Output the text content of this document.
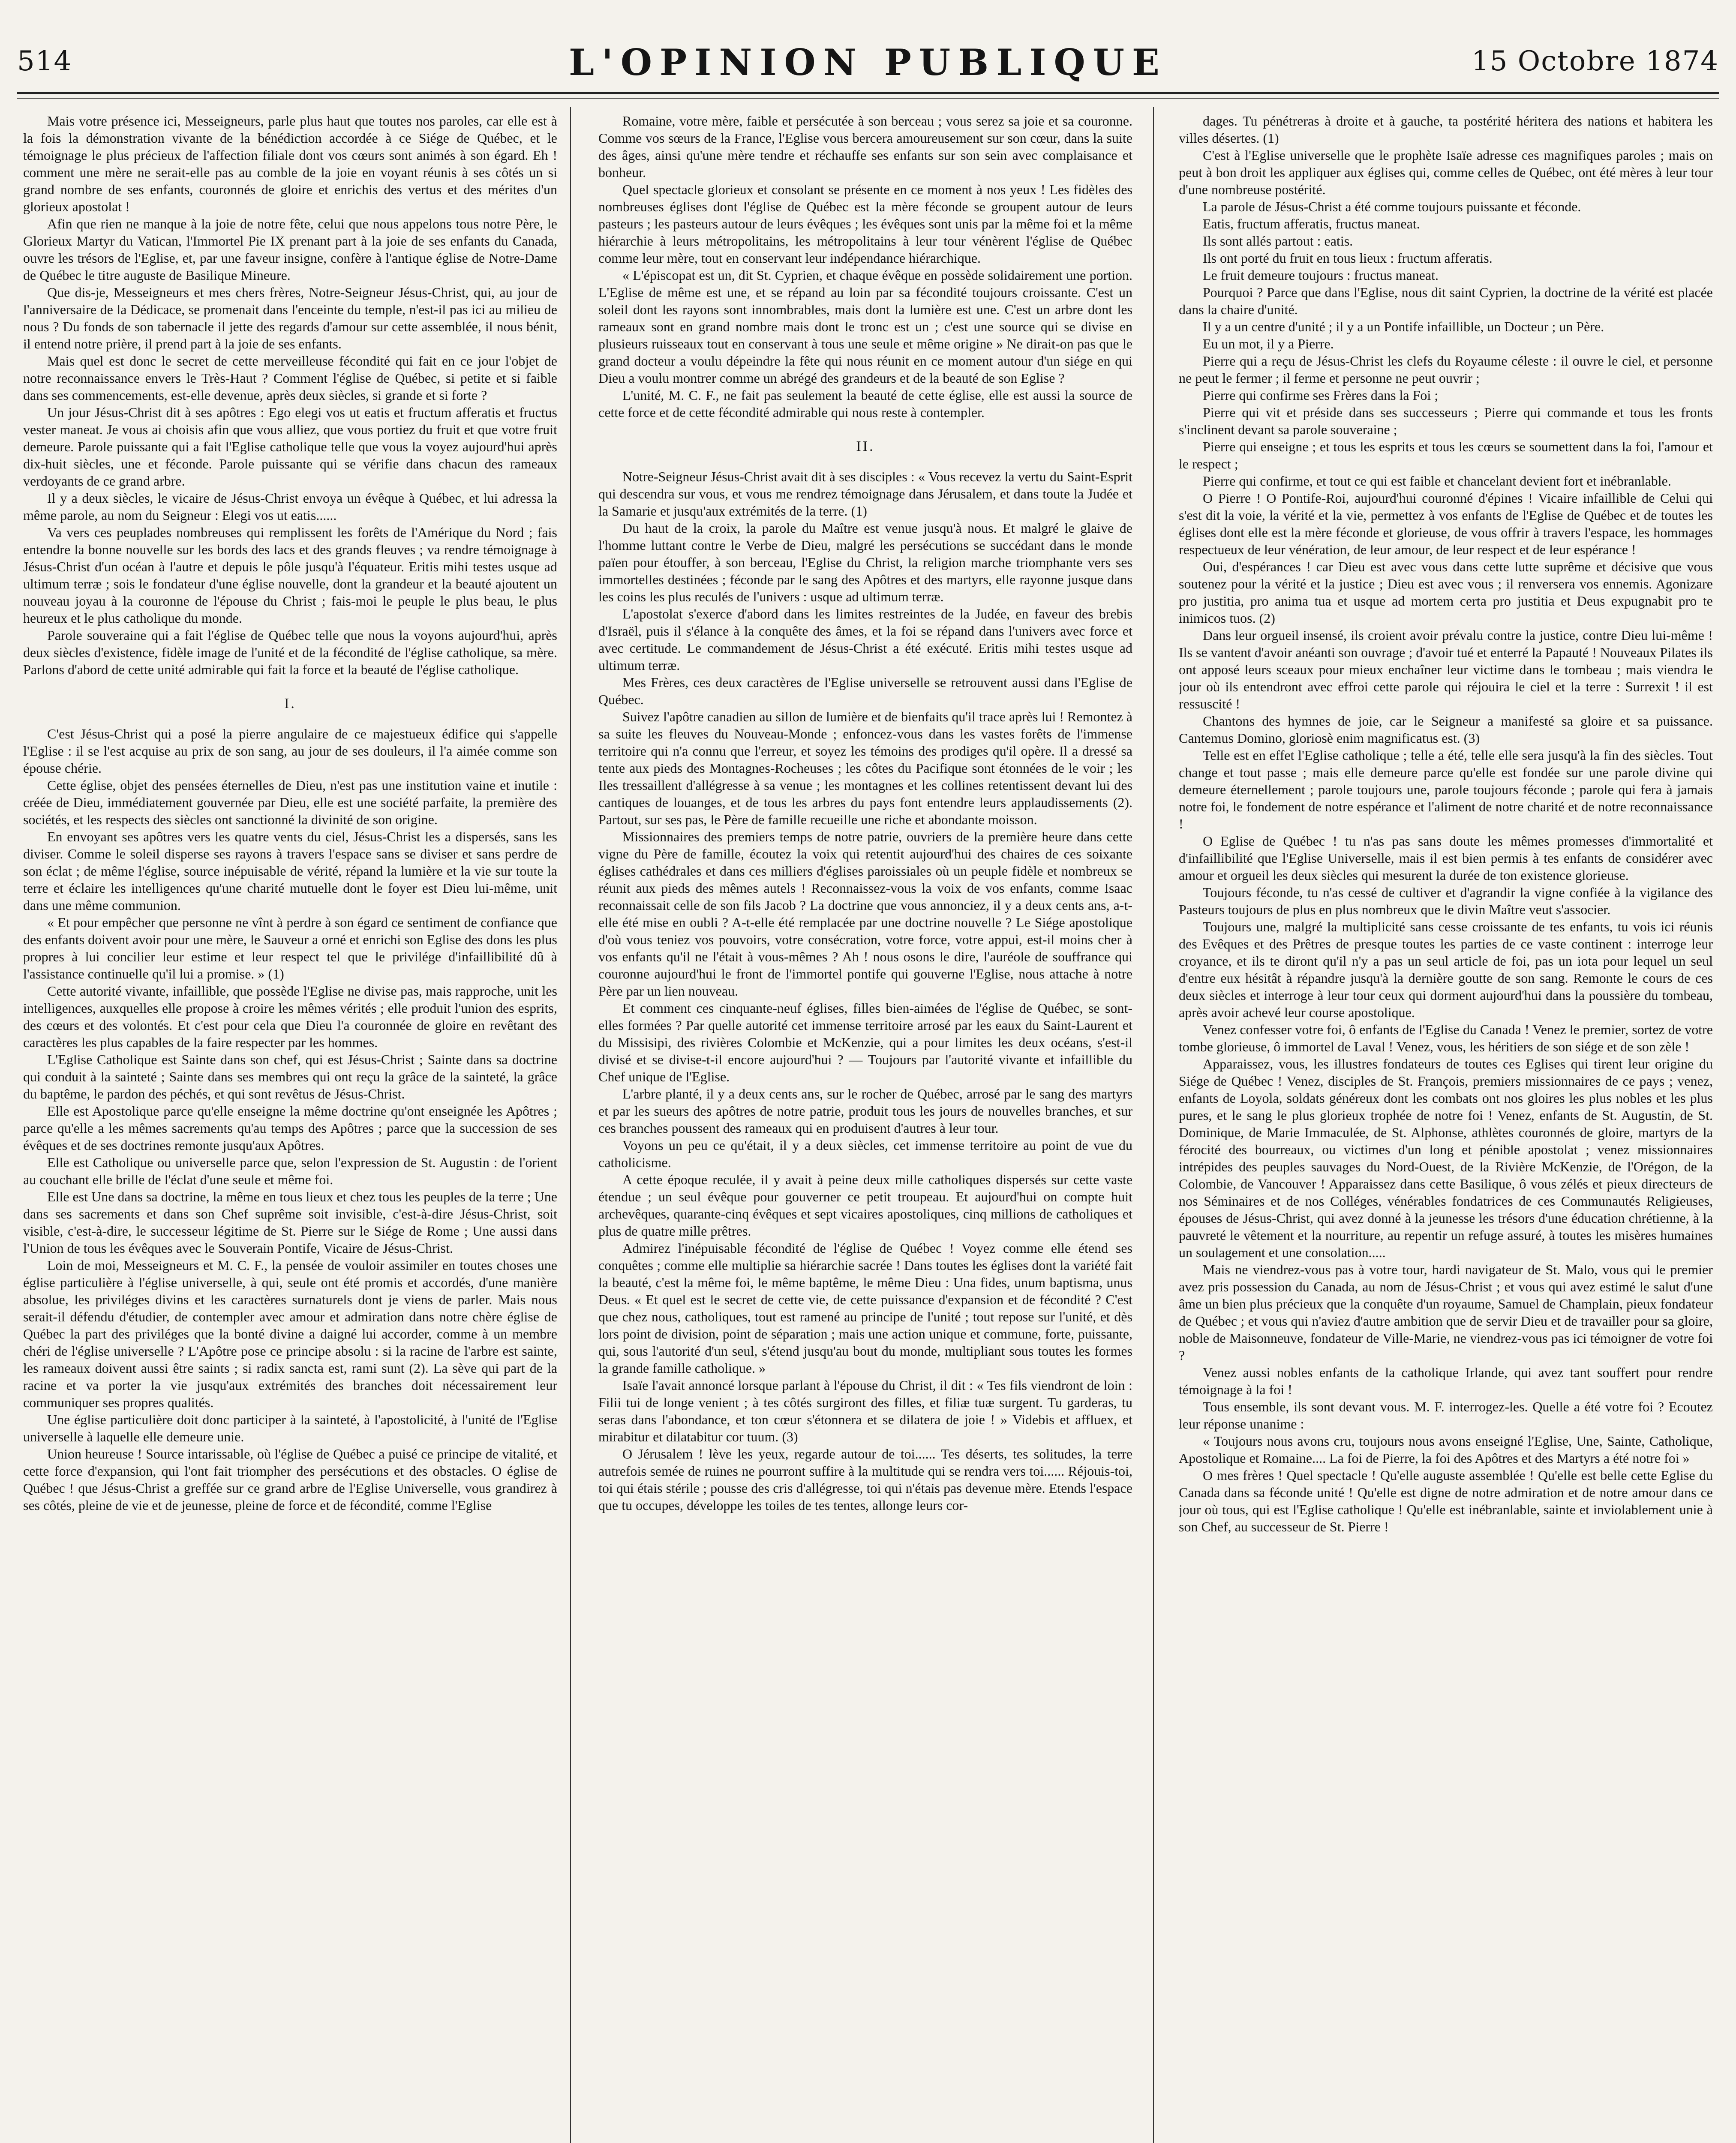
514	L'OPINION PUBLIQUE	15 Octobre 1874

Mais votre présence ici, Messeigneurs, parle plus haut que toutes nos paroles, car elle est à la fois la démonstration vivante de la bénédiction accordée à ce Siége de Québec, et le témoignage le plus précieux de l'affection filiale dont vos cœurs sont animés à son égard. Eh ! comment une mère ne serait-elle pas au comble de la joie en voyant réunis à ses côtés un si grand nombre de ses enfants, couronnés de gloire et enrichis des vertus et des mérites d'un glorieux apostolat !

Afin que rien ne manque à la joie de notre fête, celui que nous appelons tous notre Père, le Glorieux Martyr du Vatican, l'Immortel Pie IX prenant part à la joie de ses enfants du Canada, ouvre les trésors de l'Eglise, et, par une faveur insigne, confère à l'antique église de Notre-Dame de Québec le titre auguste de Basilique Mineure.

Que dis-je, Messeigneurs et mes chers frères, Notre-Seigneur Jésus-Christ, qui, au jour de l'anniversaire de la Dédicace, se promenait dans l'enceinte du temple, n'est-il pas ici au milieu de nous ? Du fonds de son tabernacle il jette des regards d'amour sur cette assemblée, il nous bénit, il entend notre prière, il prend part à la joie de ses enfants.

Mais quel est donc le secret de cette merveilleuse fécondité qui fait en ce jour l'objet de notre reconnaissance envers le Très-Haut ? Comment l'église de Québec, si petite et si faible dans ses commencements, est-elle devenue, après deux siècles, si grande et si forte ?

Un jour Jésus-Christ dit à ses apôtres : Ego elegi vos ut eatis et fructum afferatis et fructus vester maneat. Je vous ai choisis afin que vous alliez, que vous portiez du fruit et que votre fruit demeure. Parole puissante qui a fait l'Eglise catholique telle que vous la voyez aujourd'hui après dix-huit siècles, une et féconde. Parole puissante qui se vérifie dans chacun des rameaux verdoyants de ce grand arbre.

Il y a deux siècles, le vicaire de Jésus-Christ envoya un évêque à Québec, et lui adressa la même parole, au nom du Seigneur : Elegi vos ut eatis......

Va vers ces peuplades nombreuses qui remplissent les forêts de l'Amérique du Nord ; fais entendre la bonne nouvelle sur les bords des lacs et des grands fleuves ; va rendre témoignage à Jésus-Christ d'un océan à l'autre et depuis le pôle jusqu'à l'équateur. Eritis mihi testes usque ad ultimum terræ ; sois le fondateur d'une église nouvelle, dont la grandeur et la beauté ajoutent un nouveau joyau à la couronne de l'épouse du Christ ; fais-moi le peuple le plus beau, le plus heureux et le plus catholique du monde.

Parole souveraine qui a fait l'église de Québec telle que nous la voyons aujourd'hui, après deux siècles d'existence, fidèle image de l'unité et de la fécondité de l'église catholique, sa mère. Parlons d'abord de cette unité admirable qui fait la force et la beauté de l'église catholique.

I.

C'est Jésus-Christ qui a posé la pierre angulaire de ce majestueux édifice qui s'appelle l'Eglise : il se l'est acquise au prix de son sang, au jour de ses douleurs, il l'a aimée comme son épouse chérie.

Cette église, objet des pensées éternelles de Dieu, n'est pas une institution vaine et inutile : créée de Dieu, immédiatement gouvernée par Dieu, elle est une société parfaite, la première des sociétés, et les respects des siècles ont sanctionné la divinité de son origine.

En envoyant ses apôtres vers les quatre vents du ciel, Jésus-Christ les a dispersés, sans les diviser. Comme le soleil disperse ses rayons à travers l'espace sans se diviser et sans perdre de son éclat ; de même l'église, source inépuisable de vérité, répand la lumière et la vie sur toute la terre et éclaire les intelligences qu'une charité mutuelle dont le foyer est Dieu lui-même, unit dans une même communion.

« Et pour empêcher que personne ne vînt à perdre à son égard ce sentiment de confiance que des enfants doivent avoir pour une mère, le Sauveur a orné et enrichi son Eglise des dons les plus propres à lui concilier leur estime et leur respect tel que le privilége d'infaillibilité dû à l'assistance continuelle qu'il lui a promise. » (1)

Cette autorité vivante, infaillible, que possède l'Eglise ne divise pas, mais rapproche, unit les intelligences, auxquelles elle propose à croire les mêmes vérités ; elle produit l'union des esprits, des cœurs et des volontés. Et c'est pour cela que Dieu l'a couronnée de gloire en revêtant des caractères les plus capables de la faire respecter par les hommes.

L'Eglise Catholique est Sainte dans son chef, qui est Jésus-Christ ; Sainte dans sa doctrine qui conduit à la sainteté ; Sainte dans ses membres qui ont reçu la grâce de la sainteté, la grâce du baptême, le pardon des péchés, et qui sont revêtus de Jésus-Christ.

Elle est Apostolique parce qu'elle enseigne la même doctrine qu'ont enseignée les Apôtres ; parce qu'elle a les mêmes sacrements qu'au temps des Apôtres ; parce que la succession de ses évêques et de ses doctrines remonte jusqu'aux Apôtres.

Elle est Catholique ou universelle parce que, selon l'expression de St. Augustin : de l'orient au couchant elle brille de l'éclat d'une seule et même foi.

Elle est Une dans sa doctrine, la même en tous lieux et chez tous les peuples de la terre ; Une dans ses sacrements et dans son Chef suprême soit invisible, c'est-à-dire Jésus-Christ, soit visible, c'est-à-dire, le successeur légitime de St. Pierre sur le Siége de Rome ; Une aussi dans l'Union de tous les évêques avec le Souverain Pontife, Vicaire de Jésus-Christ.

Loin de moi, Messeigneurs et M. C. F., la pensée de vouloir assimiler en toutes choses une église particulière à l'église universelle, à qui, seule ont été promis et accordés, d'une manière absolue, les priviléges divins et les caractères surnaturels dont je viens de parler. Mais nous serait-il défendu d'étudier, de contempler avec amour et admiration dans notre chère église de Québec la part des priviléges que la bonté divine a daigné lui accorder, comme à un membre chéri de l'église universelle ? L'Apôtre pose ce principe absolu : si la racine de l'arbre est sainte, les rameaux doivent aussi être saints ; si radix sancta est, rami sunt (2). La sève qui part de la racine et va porter la vie jusqu'aux extrémités des branches doit nécessairement leur communiquer ses propres qualités.

Une église particulière doit donc participer à la sainteté, à l'apostolicité, à l'unité de l'Eglise universelle à laquelle elle demeure unie.

Union heureuse ! Source intarissable, où l'église de Québec a puisé ce principe de vitalité, et cette force d'expansion, qui l'ont fait triompher des persécutions et des obstacles. O église de Québec ! que Jésus-Christ a greffée sur ce grand arbre de l'Eglise Universelle, vous grandirez à ses côtés, pleine de vie et de jeunesse, pleine de force et de fécondité, comme l'Eglise

Romaine, votre mère, faible et persécutée à son berceau ; vous serez sa joie et sa couronne. Comme vos sœurs de la France, l'Eglise vous bercera amoureusement sur son cœur, dans la suite des âges, ainsi qu'une mère tendre et réchauffe ses enfants sur son sein avec complaisance et bonheur.

Quel spectacle glorieux et consolant se présente en ce moment à nos yeux ! Les fidèles des nombreuses églises dont l'église de Québec est la mère féconde se groupent autour de leurs pasteurs ; les pasteurs autour de leurs évêques ; les évêques sont unis par la même foi et la même hiérarchie à leurs métropolitains, les métropolitains à leur tour vénèrent l'église de Québec comme leur mère, tout en conservant leur indépendance hiérarchique.

« L'épiscopat est un, dit St. Cyprien, et chaque évêque en possède solidairement une portion. L'Eglise de même est une, et se répand au loin par sa fécondité toujours croissante. C'est un soleil dont les rayons sont innombrables, mais dont la lumière est une. C'est un arbre dont les rameaux sont en grand nombre mais dont le tronc est un ; c'est une source qui se divise en plusieurs ruisseaux tout en conservant à tous une seule et même origine » Ne dirait-on pas que le grand docteur a voulu dépeindre la fête qui nous réunit en ce moment autour d'un siége en qui Dieu a voulu montrer comme un abrégé des grandeurs et de la beauté de son Eglise ?

L'unité, M. C. F., ne fait pas seulement la beauté de cette église, elle est aussi la source de cette force et de cette fécondité admirable qui nous reste à contempler.

II.

Notre-Seigneur Jésus-Christ avait dit à ses disciples : « Vous recevez la vertu du Saint-Esprit qui descendra sur vous, et vous me rendrez témoignage dans Jérusalem, et dans toute la Judée et la Samarie et jusqu'aux extrémités de la terre. (1)

Du haut de la croix, la parole du Maître est venue jusqu'à nous. Et malgré le glaive de l'homme luttant contre le Verbe de Dieu, malgré les persécutions se succédant dans le monde païen pour étouffer, à son berceau, l'Eglise du Christ, la religion marche triomphante vers ses immortelles destinées ; féconde par le sang des Apôtres et des martyrs, elle rayonne jusque dans les coins les plus reculés de l'univers : usque ad ultimum terræ.

L'apostolat s'exerce d'abord dans les limites restreintes de la Judée, en faveur des brebis d'Israël, puis il s'élance à la conquête des âmes, et la foi se répand dans l'univers avec force et avec certitude. Le commandement de Jésus-Christ a été exécuté. Eritis mihi testes usque ad ultimum terræ.

Mes Frères, ces deux caractères de l'Eglise universelle se retrouvent aussi dans l'Eglise de Québec.

Suivez l'apôtre canadien au sillon de lumière et de bienfaits qu'il trace après lui ! Remontez à sa suite les fleuves du Nouveau-Monde ; enfoncez-vous dans les vastes forêts de l'immense territoire qui n'a connu que l'erreur, et soyez les témoins des prodiges qu'il opère. Il a dressé sa tente aux pieds des Montagnes-Rocheuses ; les côtes du Pacifique sont étonnées de le voir ; les Iles tressaillent d'allégresse à sa venue ; les montagnes et les collines retentissent devant lui des cantiques de louanges, et de tous les arbres du pays font entendre leurs applaudissements (2). Partout, sur ses pas, le Père de famille recueille une riche et abondante moisson.

Missionnaires des premiers temps de notre patrie, ouvriers de la première heure dans cette vigne du Père de famille, écoutez la voix qui retentit aujourd'hui des chaires de ces soixante églises cathédrales et dans ces milliers d'églises paroissiales où un peuple fidèle et nombreux se réunit aux pieds des mêmes autels ! Reconnaissez-vous la voix de vos enfants, comme Isaac reconnaissait celle de son fils Jacob ? La doctrine que vous annonciez, il y a deux cents ans, a-t-elle été mise en oubli ? A-t-elle été remplacée par une doctrine nouvelle ? Le Siége apostolique d'où vous teniez vos pouvoirs, votre consécration, votre force, votre appui, est-il moins cher à vos enfants qu'il ne l'était à vous-mêmes ? Ah ! nous osons le dire, l'auréole de souffrance qui couronne aujourd'hui le front de l'immortel pontife qui gouverne l'Eglise, nous attache à notre Père par un lien nouveau.

Et comment ces cinquante-neuf églises, filles bien-aimées de l'église de Québec, se sont-elles formées ? Par quelle autorité cet immense territoire arrosé par les eaux du Saint-Laurent et du Missisipi, des rivières Colombie et McKenzie, qui a pour limites les deux océans, s'est-il divisé et se divise-t-il encore aujourd'hui ? — Toujours par l'autorité vivante et infaillible du Chef unique de l'Eglise.

L'arbre planté, il y a deux cents ans, sur le rocher de Québec, arrosé par le sang des martyrs et par les sueurs des apôtres de notre patrie, produit tous les jours de nouvelles branches, et sur ces branches poussent des rameaux qui en produisent d'autres à leur tour.

Voyons un peu ce qu'était, il y a deux siècles, cet immense territoire au point de vue du catholicisme.

A cette époque reculée, il y avait à peine deux mille catholiques dispersés sur cette vaste étendue ; un seul évêque pour gouverner ce petit troupeau. Et aujourd'hui on compte huit archevêques, quarante-cinq évêques et sept vicaires apostoliques, cinq millions de catholiques et plus de quatre mille prêtres.

Admirez l'inépuisable fécondité de l'église de Québec ! Voyez comme elle étend ses conquêtes ; comme elle multiplie sa hiérarchie sacrée ! Dans toutes les églises dont la variété fait la beauté, c'est la même foi, le même baptême, le même Dieu : Una fides, unum baptisma, unus Deus. « Et quel est le secret de cette vie, de cette puissance d'expansion et de fécondité ? C'est que chez nous, catholiques, tout est ramené au principe de l'unité ; tout repose sur l'unité, et dès lors point de division, point de séparation ; mais une action unique et commune, forte, puissante, qui, sous l'autorité d'un seul, s'étend jusqu'au bout du monde, multipliant sous toutes les formes la grande famille catholique. »

Isaïe l'avait annoncé lorsque parlant à l'épouse du Christ, il dit : « Tes fils viendront de loin : Filii tui de longe venient ; à tes côtés surgiront des filles, et filiæ tuæ surgent. Tu garderas, tu seras dans l'abondance, et ton cœur s'étonnera et se dilatera de joie ! » Videbis et affluex, et mirabitur et dilatabitur cor tuum. (3)

O Jérusalem ! lève les yeux, regarde autour de toi...... Tes déserts, tes solitudes, la terre autrefois semée de ruines ne pourront suffire à la multitude qui se rendra vers toi...... Réjouis-toi, toi qui étais stérile ; pousse des cris d'allégresse, toi qui n'étais pas devenue mère. Etends l'espace que tu occupes, développe les toiles de tes tentes, allonge leurs cor-

dages. Tu pénétreras à droite et à gauche, ta postérité héritera des nations et habitera les villes désertes. (1)

C'est à l'Eglise universelle que le prophète Isaïe adresse ces magnifiques paroles ; mais on peut à bon droit les appliquer aux églises qui, comme celles de Québec, ont été mères à leur tour d'une nombreuse postérité.

La parole de Jésus-Christ a été comme toujours puissante et féconde.

Eatis, fructum afferatis, fructus maneat.

Ils sont allés partout : eatis.

Ils ont porté du fruit en tous lieux : fructum afferatis.

Le fruit demeure toujours : fructus maneat.

Pourquoi ? Parce que dans l'Eglise, nous dit saint Cyprien, la doctrine de la vérité est placée dans la chaire d'unité.

Il y a un centre d'unité ; il y a un Pontife infaillible, un Docteur ; un Père.

Eu un mot, il y a Pierre.

Pierre qui a reçu de Jésus-Christ les clefs du Royaume céleste : il ouvre le ciel, et personne ne peut le fermer ; il ferme et personne ne peut ouvrir ;

Pierre qui confirme ses Frères dans la Foi ;

Pierre qui vit et préside dans ses successeurs ; Pierre qui commande et tous les fronts s'inclinent devant sa parole souveraine ;

Pierre qui enseigne ; et tous les esprits et tous les cœurs se soumettent dans la foi, l'amour et le respect ;

Pierre qui confirme, et tout ce qui est faible et chancelant devient fort et inébranlable.

O Pierre ! O Pontife-Roi, aujourd'hui couronné d'épines ! Vicaire infaillible de Celui qui s'est dit la voie, la vérité et la vie, permettez à vos enfants de l'Eglise de Québec et de toutes les églises dont elle est la mère féconde et glorieuse, de vous offrir à travers l'espace, les hommages respectueux de leur vénération, de leur amour, de leur respect et de leur espérance !

Oui, d'espérances ! car Dieu est avec vous dans cette lutte suprême et décisive que vous soutenez pour la vérité et la justice ; Dieu est avec vous ; il renversera vos ennemis. Agonizare pro justitia, pro anima tua et usque ad mortem certa pro justitia et Deus expugnabit pro te inimicos tuos. (2)

Dans leur orgueil insensé, ils croient avoir prévalu contre la justice, contre Dieu lui-même ! Ils se vantent d'avoir anéanti son ouvrage ; d'avoir tué et enterré la Papauté ! Nouveaux Pilates ils ont apposé leurs sceaux pour mieux enchaîner leur victime dans le tombeau ; mais viendra le jour où ils entendront avec effroi cette parole qui réjouira le ciel et la terre : Surrexit ! il est ressuscité !

Chantons des hymnes de joie, car le Seigneur a manifesté sa gloire et sa puissance. Cantemus Domino, gloriosè enim magnificatus est. (3)

Telle est en effet l'Eglise catholique ; telle a été, telle elle sera jusqu'à la fin des siècles. Tout change et tout passe ; mais elle demeure parce qu'elle est fondée sur une parole divine qui demeure éternellement ; parole toujours une, parole toujours féconde ; parole qui fera à jamais notre foi, le fondement de notre espérance et l'aliment de notre charité et de notre reconnaissance !

O Eglise de Québec ! tu n'as pas sans doute les mêmes promesses d'immortalité et d'infaillibilité que l'Eglise Universelle, mais il est bien permis à tes enfants de considérer avec amour et orgueil les deux siècles qui mesurent la durée de ton existence glorieuse.

Toujours féconde, tu n'as cessé de cultiver et d'agrandir la vigne confiée à la vigilance des Pasteurs toujours de plus en plus nombreux que le divin Maître veut s'associer.

Toujours une, malgré la multiplicité sans cesse croissante de tes enfants, tu vois ici réunis des Evêques et des Prêtres de presque toutes les parties de ce vaste continent : interroge leur croyance, et ils te diront qu'il n'y a pas un seul article de foi, pas un iota pour lequel un seul d'entre eux hésitât à répandre jusqu'à la dernière goutte de son sang. Remonte le cours de ces deux siècles et interroge à leur tour ceux qui dorment aujourd'hui dans la poussière du tombeau, après avoir achevé leur course apostolique.

Venez confesser votre foi, ô enfants de l'Eglise du Canada ! Venez le premier, sortez de votre tombe glorieuse, ô immortel de Laval ! Venez, vous, les héritiers de son siége et de son zèle !

Apparaissez, vous, les illustres fondateurs de toutes ces Eglises qui tirent leur origine du Siége de Québec ! Venez, disciples de St. François, premiers missionnaires de ce pays ; venez, enfants de Loyola, soldats généreux dont les combats ont nos gloires les plus nobles et les plus pures, et le sang le plus glorieux trophée de notre foi ! Venez, enfants de St. Augustin, de St. Dominique, de Marie Immaculée, de St. Alphonse, athlètes couronnés de gloire, martyrs de la férocité des bourreaux, ou victimes d'un long et pénible apostolat ; venez missionnaires intrépides des peuples sauvages du Nord-Ouest, de la Rivière McKenzie, de l'Orégon, de la Colombie, de Vancouver ! Apparaissez dans cette Basilique, ô vous zélés et pieux directeurs de nos Séminaires et de nos Colléges, vénérables fondatrices de ces Communautés Religieuses, épouses de Jésus-Christ, qui avez donné à la jeunesse les trésors d'une éducation chrétienne, à la pauvreté le vêtement et la nourriture, au repentir un refuge assuré, à toutes les misères humaines un soulagement et une consolation.....

Mais ne viendrez-vous pas à votre tour, hardi navigateur de St. Malo, vous qui le premier avez pris possession du Canada, au nom de Jésus-Christ ; et vous qui avez estimé le salut d'une âme un bien plus précieux que la conquête d'un royaume, Samuel de Champlain, pieux fondateur de Québec ; et vous qui n'aviez d'autre ambition que de servir Dieu et de travailler pour sa gloire, noble de Maisonneuve, fondateur de Ville-Marie, ne viendrez-vous pas ici témoigner de votre foi ?

Venez aussi nobles enfants de la catholique Irlande, qui avez tant souffert pour rendre témoignage à la foi !

Tous ensemble, ils sont devant vous. M. F. interrogez-les. Quelle a été votre foi ? Ecoutez leur réponse unanime :

« Toujours nous avons cru, toujours nous avons enseigné l'Eglise, Une, Sainte, Catholique, Apostolique et Romaine.... La foi de Pierre, la foi des Apôtres et des Martyrs a été notre foi »

O mes frères ! Quel spectacle ! Qu'elle auguste assemblée ! Qu'elle est belle cette Eglise du Canada dans sa féconde unité ! Qu'elle est digne de notre admiration et de notre amour dans ce jour où tous, qui est l'Eglise catholique ! Qu'elle est inébranlable, sainte et inviolablement unie à son Chef, au successeur de St. Pierre !
